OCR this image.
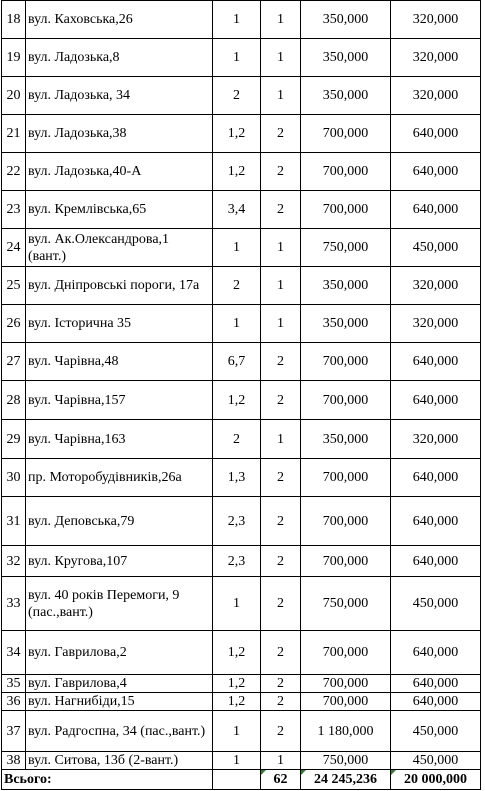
18	вул. Каховська,26	1	1	350,000	320,000
19	вул. Ладозька,8	1	1	350,000	320,000
20	вул. Ладозька, 34	2	1	350,000	320,000
21	вул. Ладозька,38	1,2	2	700,000	640,000
22	вул. Ладозька,40-А	1,2	2	700,000	640,000
23	вул. Кремлівська,65	3,4	2	700,000	640,000
24	вул. Ак.Олександрова,1 (вант.)	1	1	750,000	450,000
25	вул. Дніпровські пороги, 17а	2	1	350,000	320,000
26	вул. Історична 35	1	1	350,000	320,000
27	вул. Чарівна,48	6,7	2	700,000	640,000
28	вул. Чарівна,157	1,2	2	700,000	640,000
29	вул. Чарівна,163	2	1	350,000	320,000
30	пр. Моторобудівників,26а	1,3	2	700,000	640,000
31	вул. Деповська,79	2,3	2	700,000	640,000
32	вул. Кругова,107	2,3	2	700,000	640,000
33	вул. 40 років Перемоги, 9 (пас.,вант.)	1	2	750,000	450,000
34	вул. Гаврилова,2	1,2	2	700,000	640,000
35	вул. Гаврилова,4	1,2	2	700,000	640,000
36	вул. Нагнибіди,15	1,2	2	700,000	640,000
37	вул. Радгоспна, 34 (пас.,вант.)	1	2	1 180,000	450,000
38	вул. Ситова, 13б (2-вант.)	1	1	750,000	450,000
Всього:			62	24 245,236	20 000,000
